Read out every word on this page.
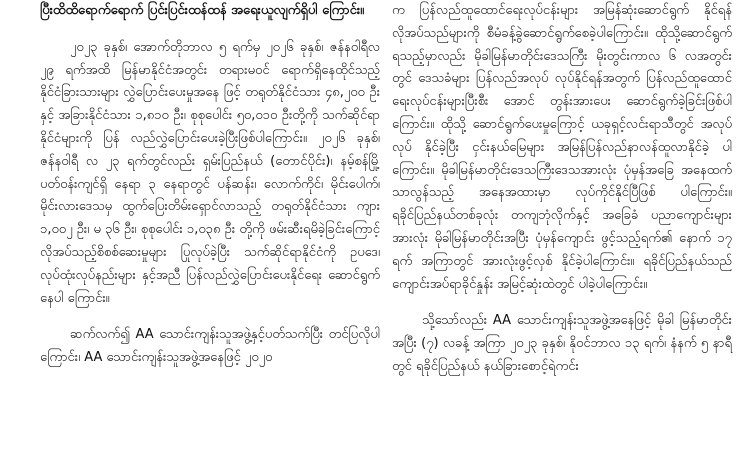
ပြီးထိထိရောက်ရောက် ပြင်းပြင်းထန်ထန် အရေးယူလျက်ရှိပါ ကြောင်း။

၂၀၂၃ ခုနှစ်၊ အောက်တိုဘာလ ၅ ရက်မှ ၂၀၂၆ ခုနှစ်၊ ဇန်နဝါရီလ ၂၉ ရက်အထိ မြန်မာနိုင်ငံအတွင်း တရားမဝင် ရောက်ရှိနေထိုင်သည့် နိုင်ငံခြားသားများ လွှဲပြောင်းပေးမှုအနေ ဖြင့် တရုတ်နိုင်ငံသား ၄၈,၂၀၀ ဦးနှင့် အခြားနိုင်ငံသား ၁,၈၁၀ ဦး၊ စုစုပေါင်း ၅၀,၀၁၀ ဦးတို့ကို သက်ဆိုင်ရာနိုင်ငံများကို ပြန် လည်လွှဲပြောင်းပေးခဲ့ပြီးဖြစ်ပါကြောင်း။ ၂၀၂၆ ခုနှစ်၊ ဇန်နဝါရီ လ ၂၃ ရက်တွင်လည်း ရှမ်းပြည်နယ် (တောင်ပိုင်း)၊ နမ့်စန်မြို့ ပတ်ဝန်းကျင်ရှိ နေရာ ၃ နေရာတွင် ပန်ဆန်း၊ လောက်ကိုင်၊ မိုင်းပေါက်၊ မိုင်းလားဒေသမှ ထွက်ပြေးတိမ်းရှောင်လာသည့် တရုတ်နိုင်ငံသား ကျား ၁,၀၀၂ ဦး၊ မ ၃၆ ဦး၊ စုစုပေါင်း ၁,၀၃၈ ဦး တို့ကို ဖမ်းဆီးရမိခဲ့ခြင်းကြောင့် လိုအပ်သည့်စိစစ်ဆေးမှုများ ပြုလုပ်ခဲ့ပြီး သက်ဆိုင်ရာနိုင်ငံကို ဥပဒေ၊ လုပ်ထုံးလုပ်နည်းများ နှင့်အညီ ပြန်လည်လွှဲပြောင်းပေးနိုင်ရေး ဆောင်ရွက်နေပါ ကြောင်း။

ဆက်လက်၍ AA သောင်းကျန်းသူအဖွဲ့နှင့်ပတ်သက်ပြီး တင်ပြလိုပါကြောင်း၊ AA သောင်းကျန်းသူအဖွဲ့အနေဖြင့် ၂၀၂၀

က ပြန်လည်ထူထောင်ရေးလုပ်ငန်းများ အမြန်ဆုံးဆောင်ရွက် နိုင်ရန် လိုအပ်သည်များကို စီမံခန့်ခွဲဆောင်ရွက်စေခဲ့ပါကြောင်း။ ထိုသို့ဆောင်ရွက်ရသည့်မှာလည်း မိုခါမြန်မာတိုင်းဒေသကြီး မိုးတွင်းကာလ ၆ လအတွင်းတွင် ဒေသခံများ ပြန်လည်အလုပ် လုပ်နိုင်ရန်အတွက် ပြန်လည်ထူထောင်ရေးလုပ်ငန်းများပြီးစီး အောင် တွန်းအားပေး ဆောင်ရွက်ခဲ့ခြင်းဖြစ်ပါကြောင်း။ ထိုသို့ ဆောင်ရွက်ပေးမှုကြောင့် ယခုရှင့်လင်းရာသီတွင် အလုပ်လုပ် နိုင်ခဲ့ပြီး ငှင်းနယ်မြေများ အမြန်ပြန်လည်နာလန်ထူလာနိုင်ခဲ့ ပါကြောင်း။ မိုခါမြန်မာတိုင်းဒေသကြီးဒေသအားလုံး ပုံမှန်အခြေ အနေထက် သာလွန်သည့် အနေအထားမှာ လုပ်ကိုင်နိုင်ပြီဖြစ် ပါကြောင်း။ ရခိုင်ပြည်နယ်တစ်ခုလုံး တကျဘုံလိုက်နှင့် အခြေခံ ပညာကျောင်းများအားလုံး မိုခါမြန်မာတိုင်းအပြီး ပုံမှန်ကျောင်း ဖွင့်သည့်ရက်၏ နောက် ၁၇ ရက် အကြာတွင် အားလုံးဖွင့်လှစ် နိုင်ခဲ့ပါကြောင်း။ ရခိုင်ပြည်နယ်သည် ကျောင်းအပ်ရာခိုင်နှုန်း အမြင့်ဆုံးထဲတွင် ပါခဲ့ပါကြောင်း။

သို့သော်လည်း AA သောင်းကျန်းသူအဖွဲ့အနေဖြင့် မိုခါ မြန်မာတိုင်းအပြီး (၇) လခန့် အကြာ ၂၀၂၃ ခုနှစ်၊ နိုဝင်ဘာလ ၁၃ ရက်၊ နံနက် ၅ နာရီတွင် ရခိုင်ပြည်နယ် နယ်ခြားစောင့်ရဲကင်း
